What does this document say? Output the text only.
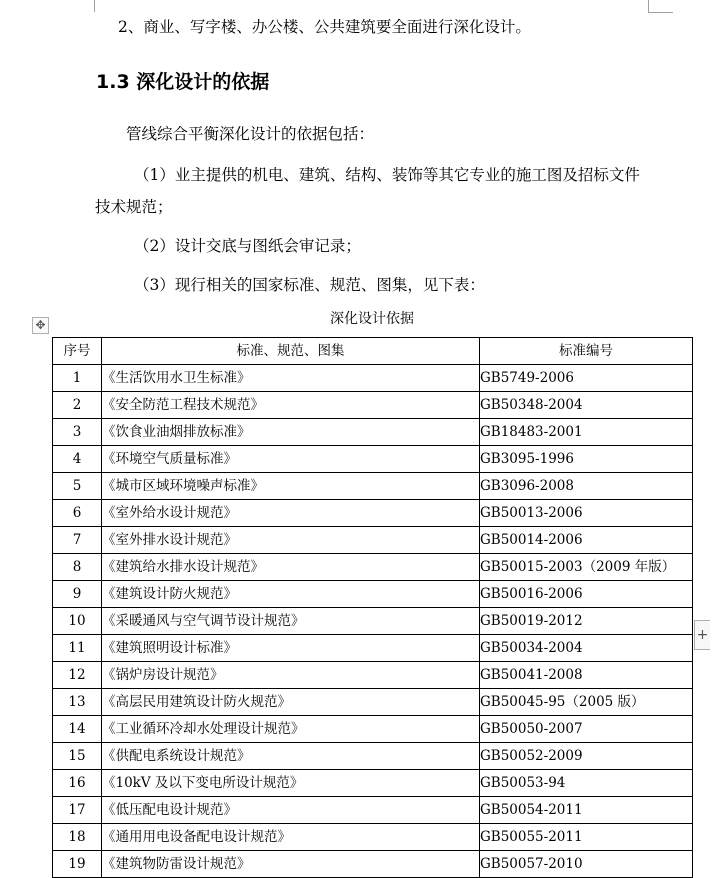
2、商业、写字楼、办公楼、公共建筑要全面进行深化设计。
1.3 深化设计的依据
管线综合平衡深化设计的依据包括：
（1）业主提供的机电、建筑、结构、装饰等其它专业的施工图及招标文件
技术规范；
（2）设计交底与图纸会审记录；
（3）现行相关的国家标准、规范、图集，见下表：
✥	深化设计依据
序号	标准、规范、图集	标准编号
1	《生活饮用水卫生标准》	GB5749-2006
2	《安全防范工程技术规范》	GB50348-2004
3	《饮食业油烟排放标准》	GB18483-2001
4	《环境空气质量标准》	GB3095-1996
5	《城市区域环境噪声标准》	GB3096-2008
6	《室外给水设计规范》	GB50013-2006
7	《室外排水设计规范》	GB50014-2006
8	《建筑给水排水设计规范》	GB50015-2003（2009 年版）
9	《建筑设计防火规范》	GB50016-2006
10	《采暖通风与空气调节设计规范》	GB50019-2012
11	《建筑照明设计标准》	GB50034-2004
12	《锅炉房设计规范》	GB50041-2008
13	《高层民用建筑设计防火规范》	GB50045-95（2005 版）
14	《工业循环冷却水处理设计规范》	GB50050-2007
15	《供配电系统设计规范》	GB50052-2009
16	《10kV 及以下变电所设计规范》	GB50053-94
17	《低压配电设计规范》	GB50054-2011
18	《通用用电设备配电设计规范》	GB50055-2011
19	《建筑物防雷设计规范》	GB50057-2010
+
